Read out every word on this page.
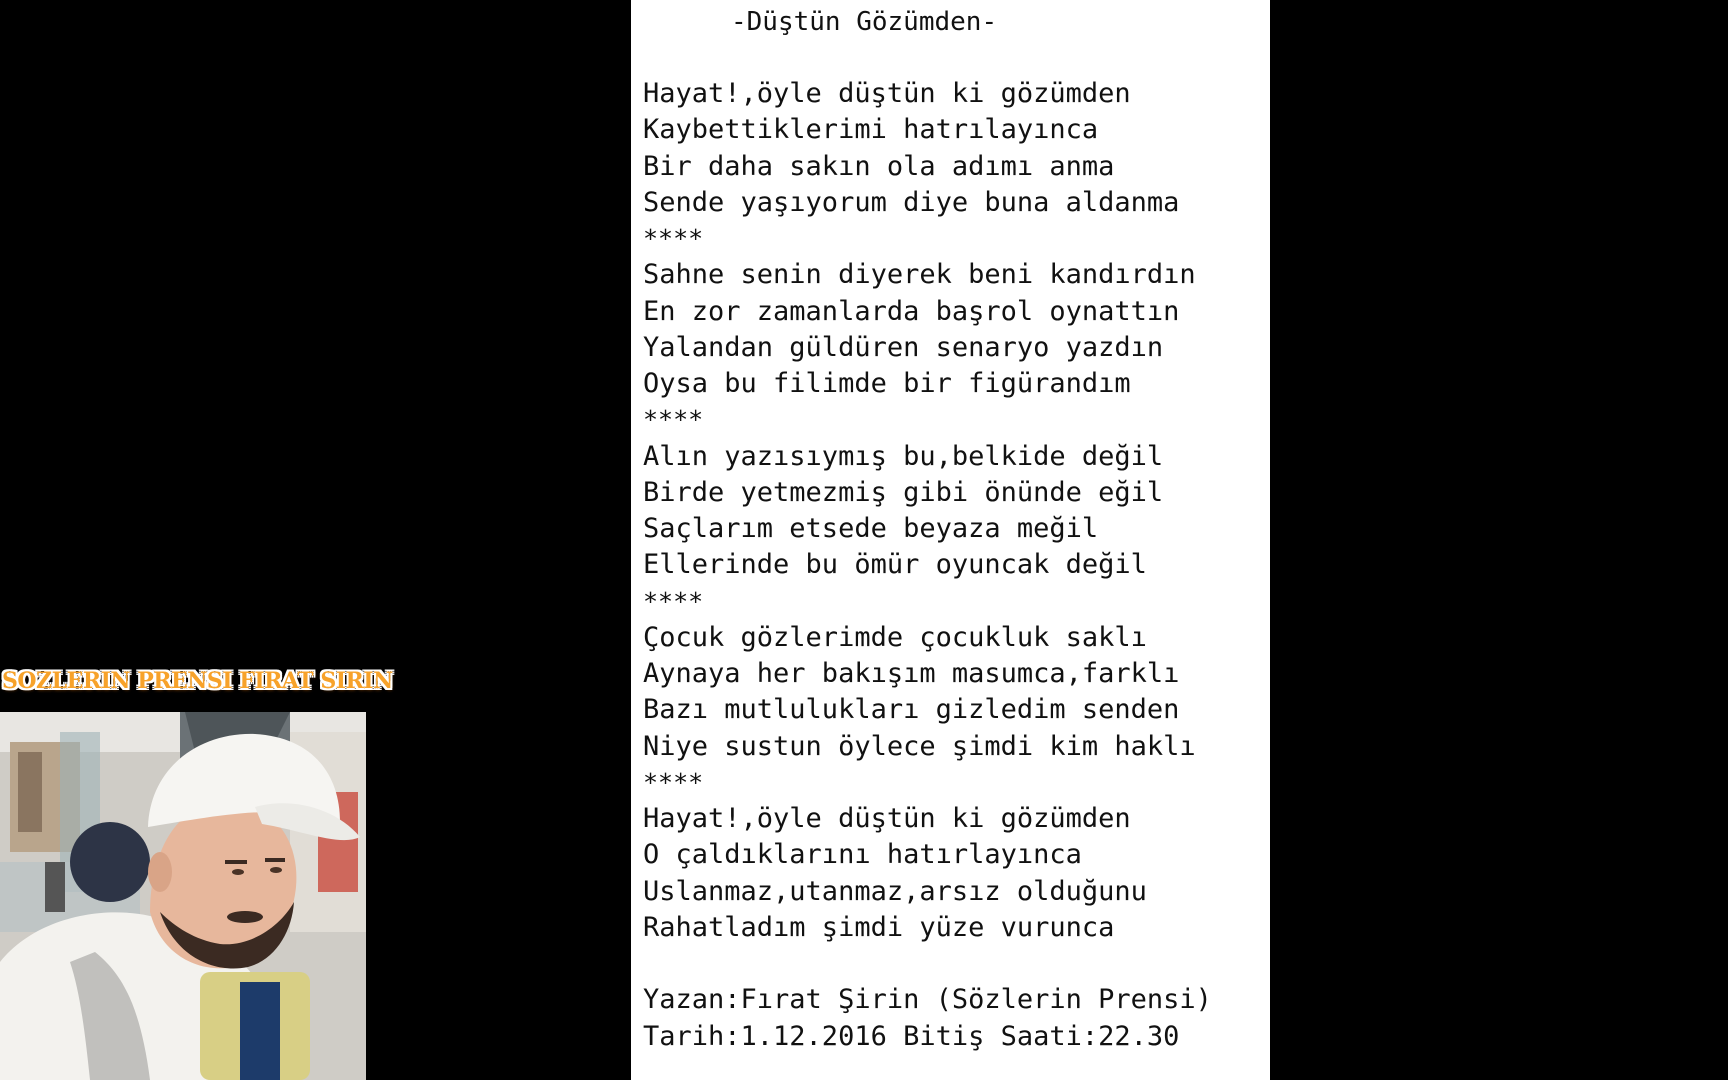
-Düştün Gözümden-
Hayat!,öyle düştün ki gözümden
Kaybettiklerimi hatrılayınca
Bir daha sakın ola adımı anma
Sende yaşıyorum diye buna aldanma
****
Sahne senin diyerek beni kandırdın
En zor zamanlarda başrol oynattın
Yalandan güldüren senaryo yazdın
Oysa bu filimde bir figürandım
****
Alın yazısıymış bu,belkide değil
Birde yetmezmiş gibi önünde eğil
Saçlarım etsede beyaza meğil
Ellerinde bu ömür oyuncak değil
****
Çocuk gözlerimde çocukluk saklı
Aynaya her bakışım masumca,farklı
Bazı mutlulukları gizledim senden
Niye sustun öylece şimdi kim haklı
****
Hayat!,öyle düştün ki gözümden
O çaldıklarını hatırlayınca
Uslanmaz,utanmaz,arsız olduğunu
Rahatladım şimdi yüze vurunca
Yazan:Fırat Şirin (Sözlerin Prensi)
Tarih:1.12.2016 Bitiş Saati:22.30
SOZLERIN PRENSI FIRAT SIRIN
